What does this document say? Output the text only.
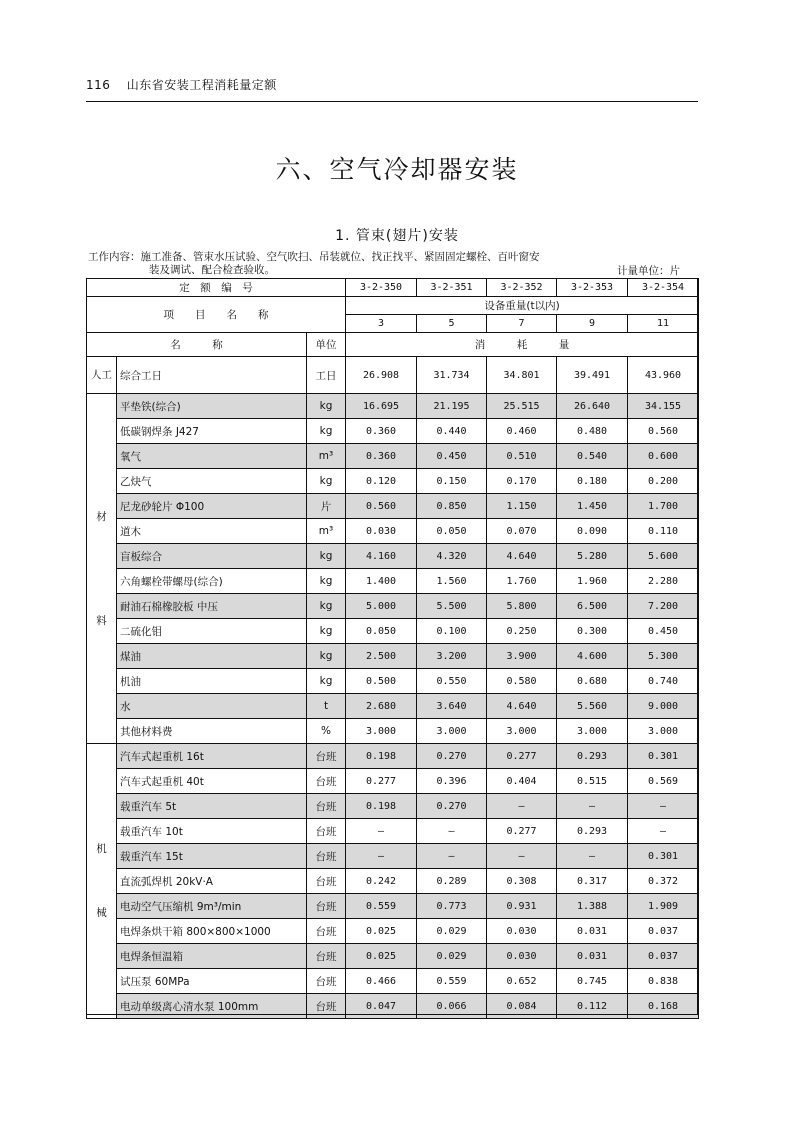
116 山东省安装工程消耗量定额
六、空气冷却器安装
1. 管束(翅片)安装
工作内容：施工准备、管束水压试验、空气吹扫、吊装就位、找正找平、紧固固定螺栓、百叶窗安
装及调试、配合检查验收。	计量单位：片
定　额　编　号			3-2-350	3-2-351	3-2-352	3-2-353	3-2-354
项　　目　　名　　称			设备重量(t以内)				
			3	5	7	9	11
名　　　称		单位	消　　　耗　　　量				
人工	综合工日	工日	26.908	31.734	34.801	39.491	43.960

材
料	平垫铁(综合)	kg	16.695	21.195	25.515	26.640	34.155
	低碳钢焊条 J427	kg	0.360	0.440	0.460	0.480	0.560
	氧气	m³	0.360	0.450	0.510	0.540	0.600
	乙炔气	kg	0.120	0.150	0.170	0.180	0.200
	尼龙砂轮片 Φ100	片	0.560	0.850	1.150	1.450	1.700
	道木	m³	0.030	0.050	0.070	0.090	0.110
	盲板综合	kg	4.160	4.320	4.640	5.280	5.600
	六角螺栓带螺母(综合)	kg	1.400	1.560	1.760	1.960	2.280
	耐油石棉橡胶板 中压	kg	5.000	5.500	5.800	6.500	7.200
	二硫化钼	kg	0.050	0.100	0.250	0.300	0.450
	煤油	kg	2.500	3.200	3.900	4.600	5.300
	机油	kg	0.500	0.550	0.580	0.680	0.740
	水	t	2.680	3.640	4.640	5.560	9.000
	其他材料费	%	3.000	3.000	3.000	3.000	3.000

机
械	汽车式起重机 16t	台班	0.198	0.270	0.277	0.293	0.301
	汽车式起重机 40t	台班	0.277	0.396	0.404	0.515	0.569
	载重汽车 5t	台班	0.198	0.270	—	—	—
	载重汽车 10t	台班	—	—	0.277	0.293	—
	载重汽车 15t	台班	—	—	—	—	0.301
	直流弧焊机 20kV·A	台班	0.242	0.289	0.308	0.317	0.372
	电动空气压缩机 9m³/min	台班	0.559	0.773	0.931	1.388	1.909
	电焊条烘干箱 800×800×1000	台班	0.025	0.029	0.030	0.031	0.037
	电焊条恒温箱	台班	0.025	0.029	0.030	0.031	0.037
	试压泵 60MPa	台班	0.466	0.559	0.652	0.745	0.838
	电动单级离心清水泵 100mm	台班	0.047	0.066	0.084	0.112	0.168
